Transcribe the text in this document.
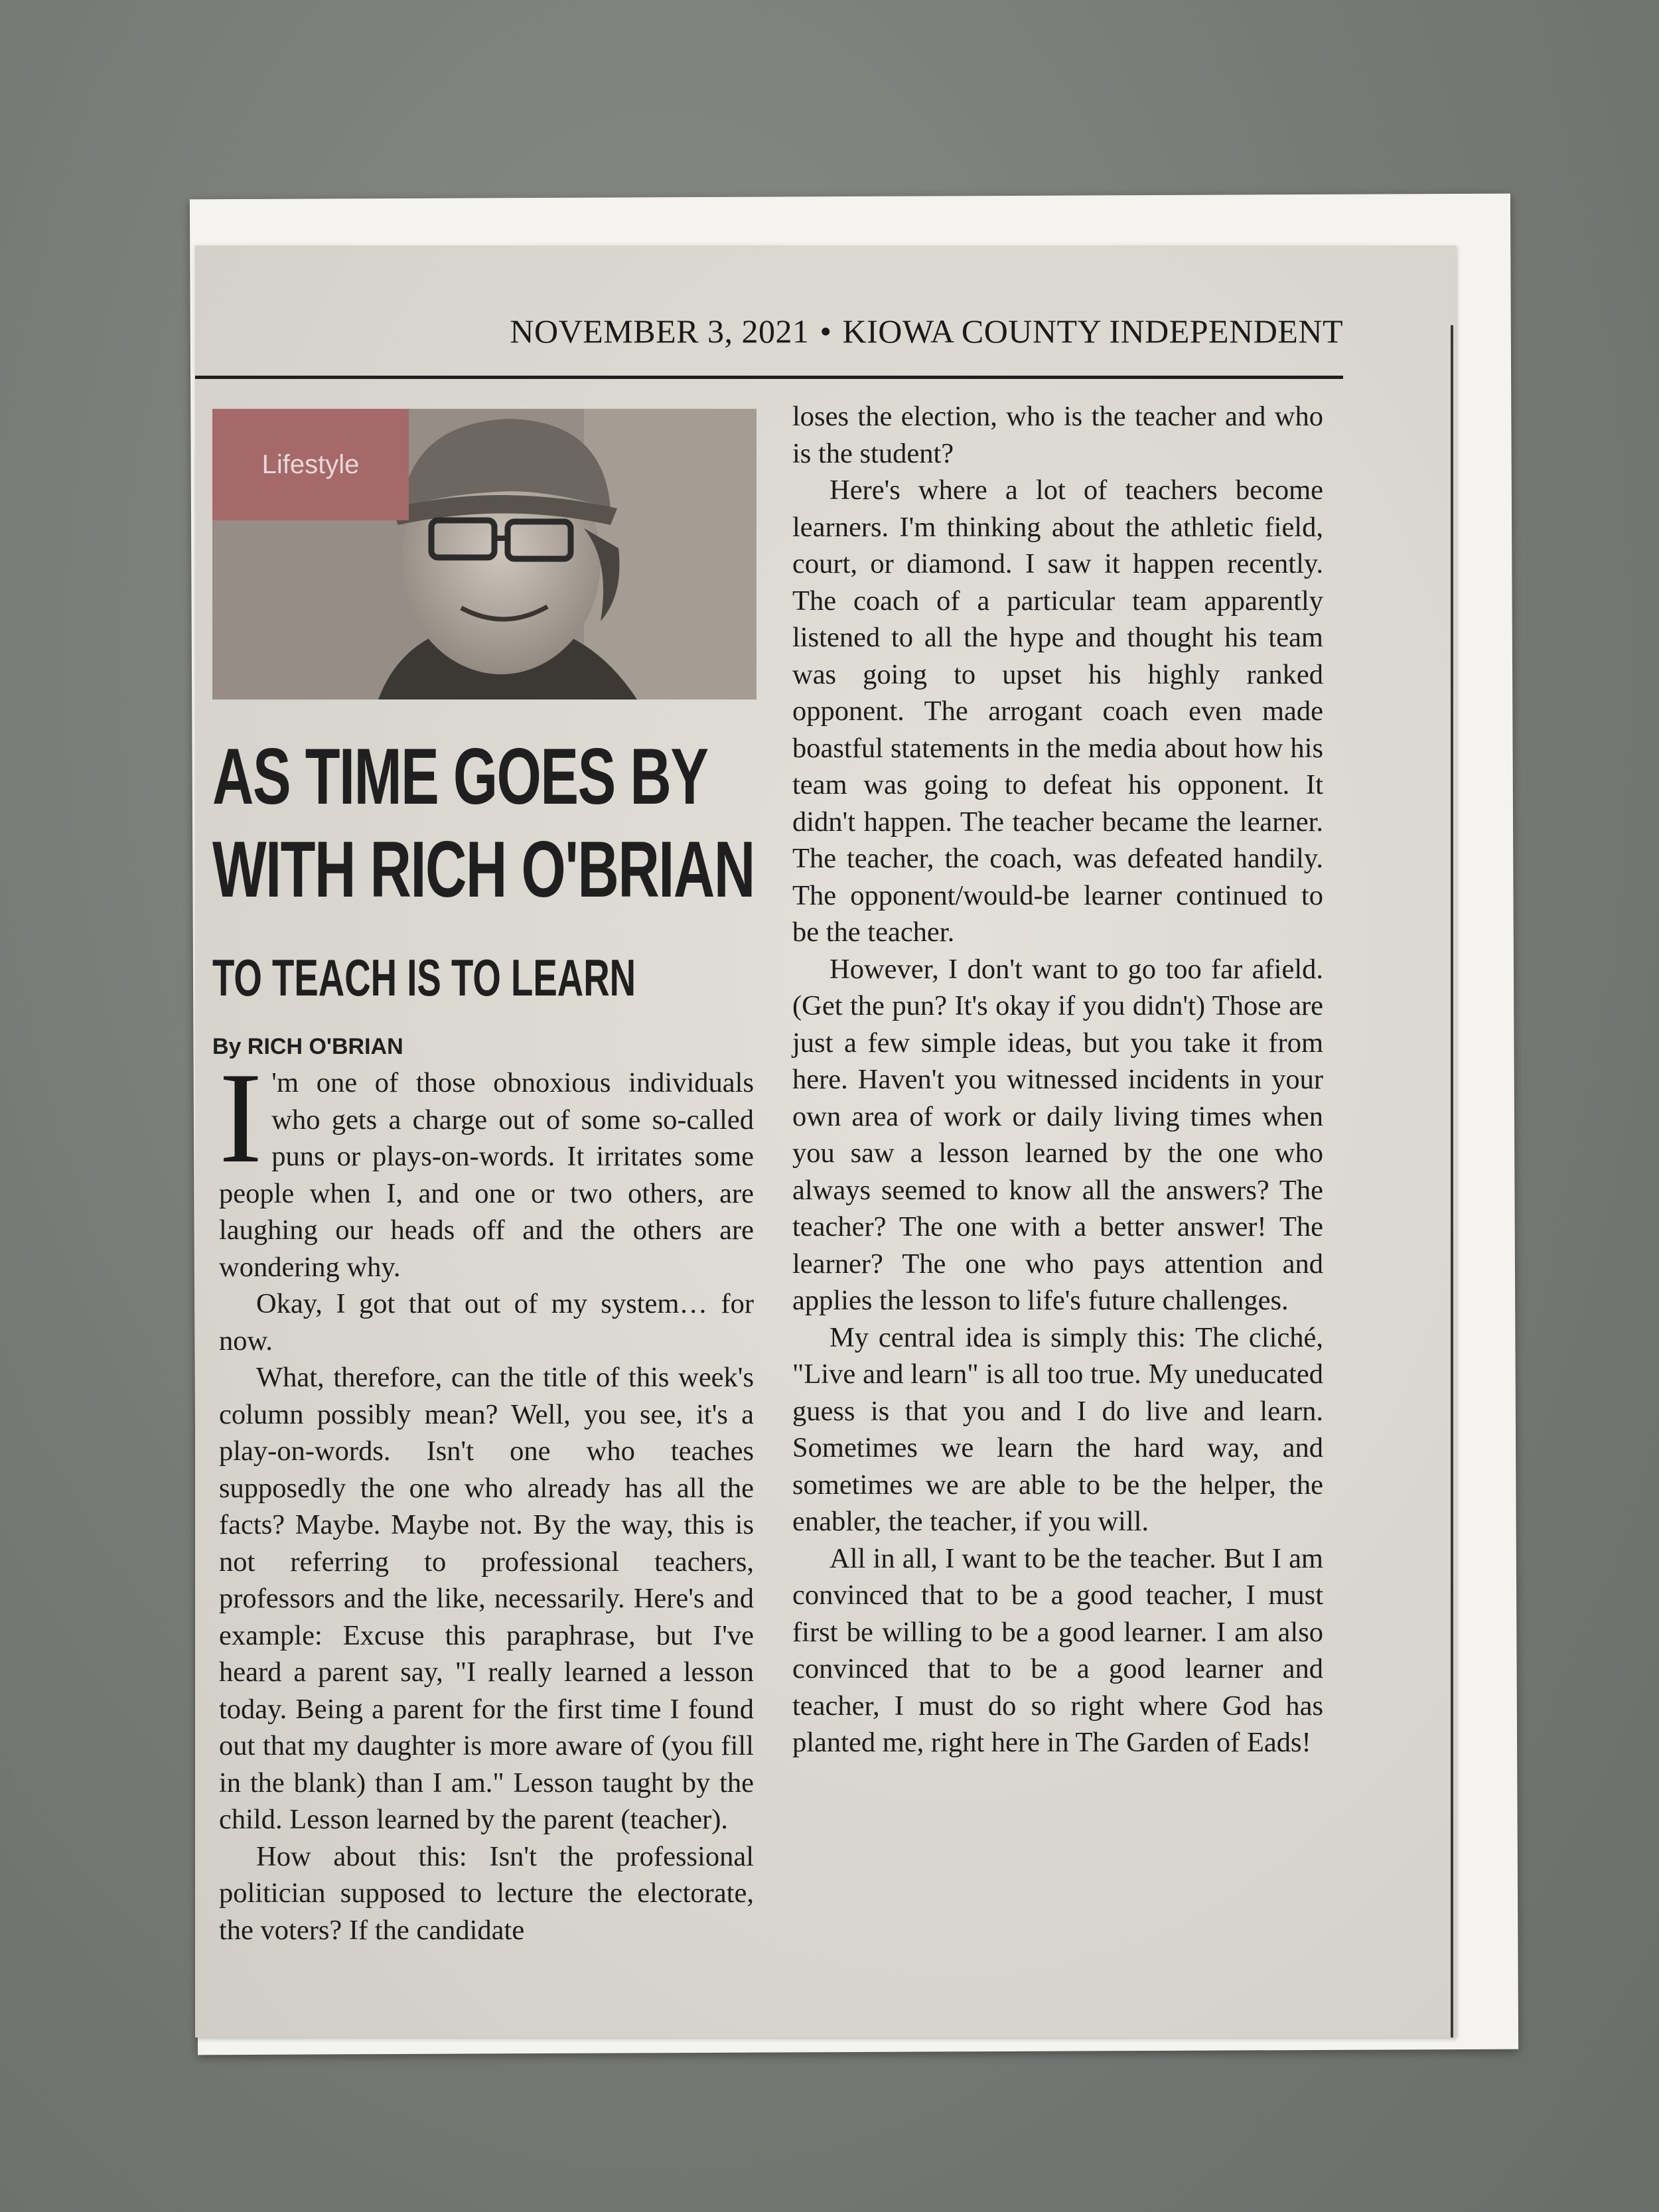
NOVEMBER 3, 2021 • KIOWA COUNTY INDEPENDENT
Lifestyle
AS TIME GOES BY
WITH RICH O'BRIAN
TO TEACH IS TO LEARN
By RICH O'BRIAN

I 'm one of those obnoxious individuals who gets a charge out of some so-called puns or plays-on-words. It irritates some people when I, and one or two others, are laughing our heads off and the others are wondering why.

Okay, I got that out of my system… for now.

What, therefore, can the title of this week's column possibly mean? Well, you see, it's a play-on-words. Isn't one who teaches supposedly the one who already has all the facts? Maybe. Maybe not. By the way, this is not referring to professional teachers, professors and the like, necessarily. Here's and example: Excuse this paraphrase, but I've heard a parent say, "I really learned a lesson today. Being a parent for the first time I found out that my daughter is more aware of (you fill in the blank) than I am." Lesson taught by the child. Lesson learned by the parent (teacher).

How about this: Isn't the professional politician supposed to lecture the electorate, the voters? If the candidate

loses the election, who is the teacher and who is the student?

Here's where a lot of teachers become learners. I'm thinking about the athletic field, court, or diamond. I saw it happen recently. The coach of a particular team apparently listened to all the hype and thought his team was going to upset his highly ranked opponent. The arrogant coach even made boastful statements in the media about how his team was going to defeat his opponent. It didn't happen. The teacher became the learner. The teacher, the coach, was defeated handily. The opponent/would-be learner continued to be the teacher.

However, I don't want to go too far afield. (Get the pun? It's okay if you didn't) Those are just a few simple ideas, but you take it from here. Haven't you witnessed incidents in your own area of work or daily living times when you saw a lesson learned by the one who always seemed to know all the answers? The teacher? The one with a better answer! The learner? The one who pays attention and applies the lesson to life's future challenges.

My central idea is simply this: The cliché, "Live and learn" is all too true. My uneducated guess is that you and I do live and learn. Sometimes we learn the hard way, and sometimes we are able to be the helper, the enabler, the teacher, if you will.

All in all, I want to be the teacher. But I am convinced that to be a good teacher, I must first be willing to be a good learner. I am also convinced that to be a good learner and teacher, I must do so right where God has planted me, right here in The Garden of Eads!
